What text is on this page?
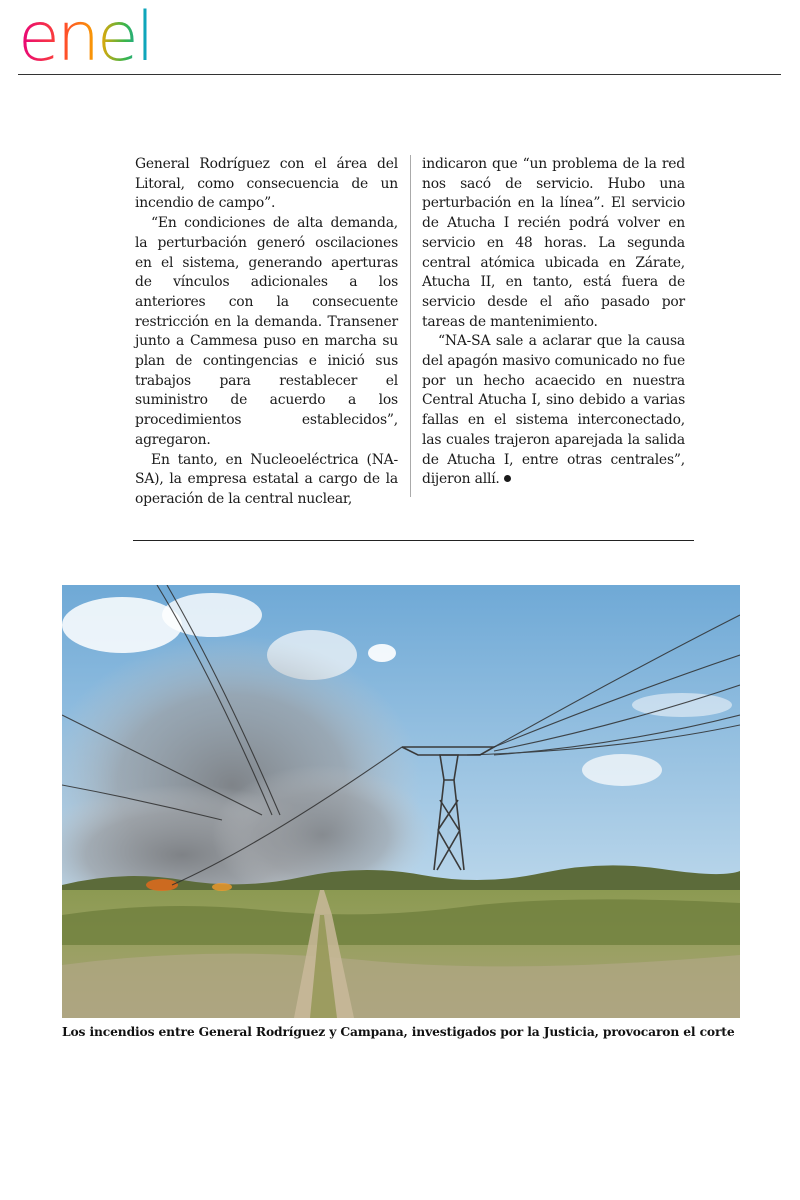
enel

General Rodríguez con el área del Litoral, como consecuencia de un incendio de campo”.

“En condiciones de alta demanda, la perturbación generó oscilaciones en el sistema, generando aperturas de vínculos adicionales a los anteriores con la consecuente restricción en la demanda. Transener junto a Cammesa puso en marcha su plan de contingencias e inició sus trabajos para restablecer el suministro de acuerdo a los procedimientos establecidos”, agregaron.

En tanto, en Nucleoeléctrica (NA-SA), la empresa estatal a cargo de la operación de la central nuclear,

indicaron que “un problema de la red nos sacó de servicio. Hubo una perturbación en la línea”. El servicio de Atucha I recién podrá volver en servicio en 48 horas. La segunda central atómica ubicada en Zárate, Atucha II, en tanto, está fuera de servicio desde el año pasado por tareas de mantenimiento.

“NA-SA sale a aclarar que la causa del apagón masivo comunicado no fue por un hecho acaecido en nuestra Central Atucha I, sino debido a varias fallas en el sistema interconectado, las cuales trajeron aparejada la salida de Atucha I, entre otras centrales”, dijeron allí.

Los incendios entre General Rodríguez y Campana, investigados por la Justicia, provocaron el corte
